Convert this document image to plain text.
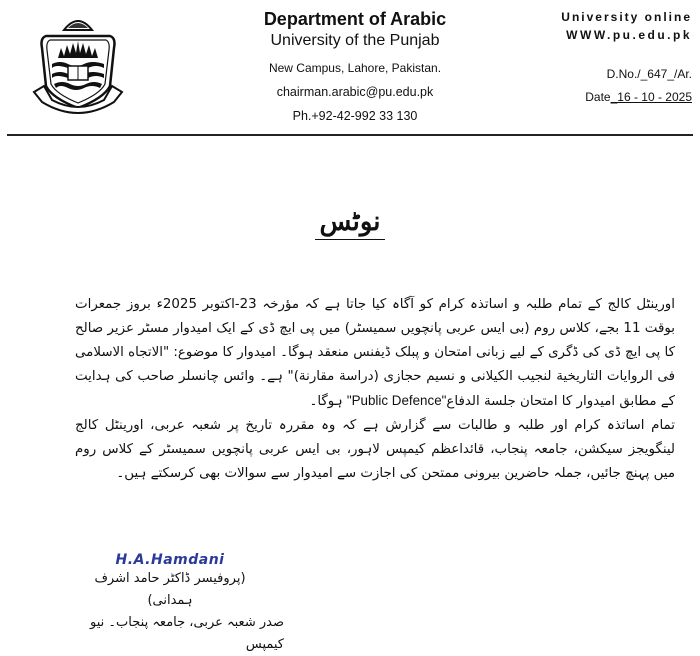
Department of Arabic
University of the Punjab
New Campus, Lahore, Pakistan.
chairman.arabic@pu.edu.pk
Ph.+92-42-992 33 130
University online
WWW.pu.edu.pk
D.No./_647_/Ar.
Date_16 - 10 - 2025
نوٹس

اورینٹل کالج کے تمام طلبہ و اساتذہ کرام کو آگاہ کیا جاتا ہے کہ مؤرخہ 23-اکتوبر 2025ء بروز جمعرات بوقت 11 بجے، کلاس روم (بی ایس عربی پانچویں سمیسٹر) میں پی ایچ ڈی کے ایک امیدوار مسٹر عزیر صالح کا پی ایچ ڈی کی ڈگری کے لیے زبانی امتحان و پبلک ڈیفنس منعقد ہوگا۔ امیدوار کا موضوع: "الاتجاه الاسلامی فی الروایات التاریخیة لنجیب الکیلانی و نسیم حجازی (دراسة مقارنة)" ہے۔ وائس چانسلر صاحب کی ہدایت کے مطابق امیدوار کا امتحان جلسة الدفاع"Public Defence" ہوگا۔

تمام اساتذہ کرام اور طلبہ و طالبات سے گزارش ہے کہ وہ مقررہ تاریخ پر شعبہ عربی، اورینٹل کالج لینگویجز سیکشن، جامعہ پنجاب، قائداعظم کیمپس لاہور، بی ایس عربی پانچویں سمیسٹر کے کلاس روم میں پہنچ جائیں، جملہ حاضرین بیرونی ممتحن کی اجازت سے امیدوار سے سوالات بھی کرسکتے ہیں۔

H.A.Hamdani
(پروفیسر ڈاکٹر حامد اشرف ہمدانی)
صدر شعبہ عربی، جامعہ پنجاب۔ نیو کیمپس
